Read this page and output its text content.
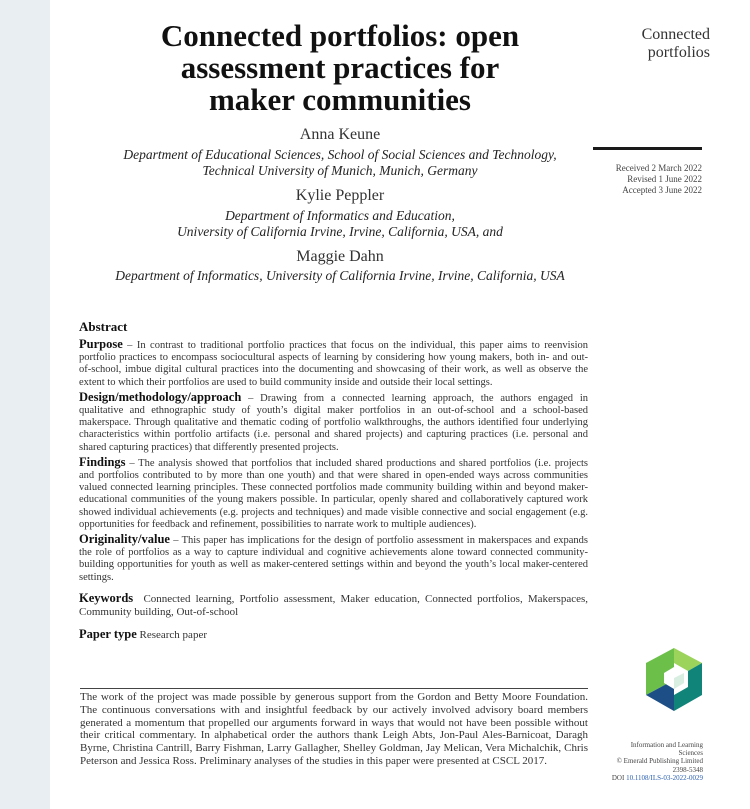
Connected portfolios: open
assessment practices for
maker communities
Connected
portfolios
Received 2 March 2022
Revised 1 June 2022
Accepted 3 June 2022
Anna Keune
Department of Educational Sciences, School of Social Sciences and Technology,
Technical University of Munich, Munich, Germany
Kylie Peppler
Department of Informatics and Education,
University of California Irvine, Irvine, California, USA, and
Maggie Dahn
Department of Informatics, University of California Irvine, Irvine, California, USA
Abstract

Purpose – In contrast to traditional portfolio practices that focus on the individual, this paper aims to reenvision portfolio practices to encompass sociocultural aspects of learning by considering how young makers, both in- and out-of-school, imbue digital cultural practices into the documenting and showcasing of their work, as well as observe the extent to which their portfolios are used to build community inside and outside their local settings.

Design/methodology/approach – Drawing from a connected learning approach, the authors engaged in qualitative and ethnographic study of youth’s digital maker portfolios in an out-of-school and a school-based makerspace. Through qualitative and thematic coding of portfolio walkthroughs, the authors identified four underlying characteristics within portfolio artifacts (i.e. personal and shared projects) and capturing practices (i.e. personal and shared capturing practices) that differently presented projects.

Findings – The analysis showed that portfolios that included shared productions and shared portfolios (i.e. projects and portfolios contributed to by more than one youth) and that were shared in open-ended ways across communities valued connected learning principles. These connected portfolios made community building within and beyond maker-educational communities of the young makers possible. In particular, openly shared and collaboratively captured work showed individual achievements (e.g. projects and techniques) and made visible connective and social engagement (e.g. opportunities for feedback and refinement, possibilities to narrate work to multiple audiences).

Originality/value – This paper has implications for the design of portfolio assessment in makerspaces and expands the role of portfolios as a way to capture individual and cognitive achievements alone toward connected community-building opportunities for youth as well as maker-centered settings within and beyond the youth’s local maker-centered settings.

Keywords Connected learning, Portfolio assessment, Maker education, Connected portfolios, Makerspaces, Community building, Out-of-school

Paper type Research paper

The work of the project was made possible by generous support from the Gordon and Betty Moore Foundation. The continuous conversations with and insightful feedback by our actively involved advisory board members generated a momentum that propelled our arguments forward in ways that would not have been possible without their critical commentary. In alphabetical order the authors thank Leigh Abts, Jon-Paul Ales-Barnicoat, Daragh Byrne, Christina Cantrill, Barry Fishman, Larry Gallagher, Shelley Goldman, Jay Melican, Vera Michalchik, Chris Peterson and Jessica Ross. Preliminary analyses of the studies in this paper were presented at CSCL 2017.
Information and Learning
Sciences
© Emerald Publishing Limited
2398-5348
DOI 10.1108/ILS-03-2022-0029
